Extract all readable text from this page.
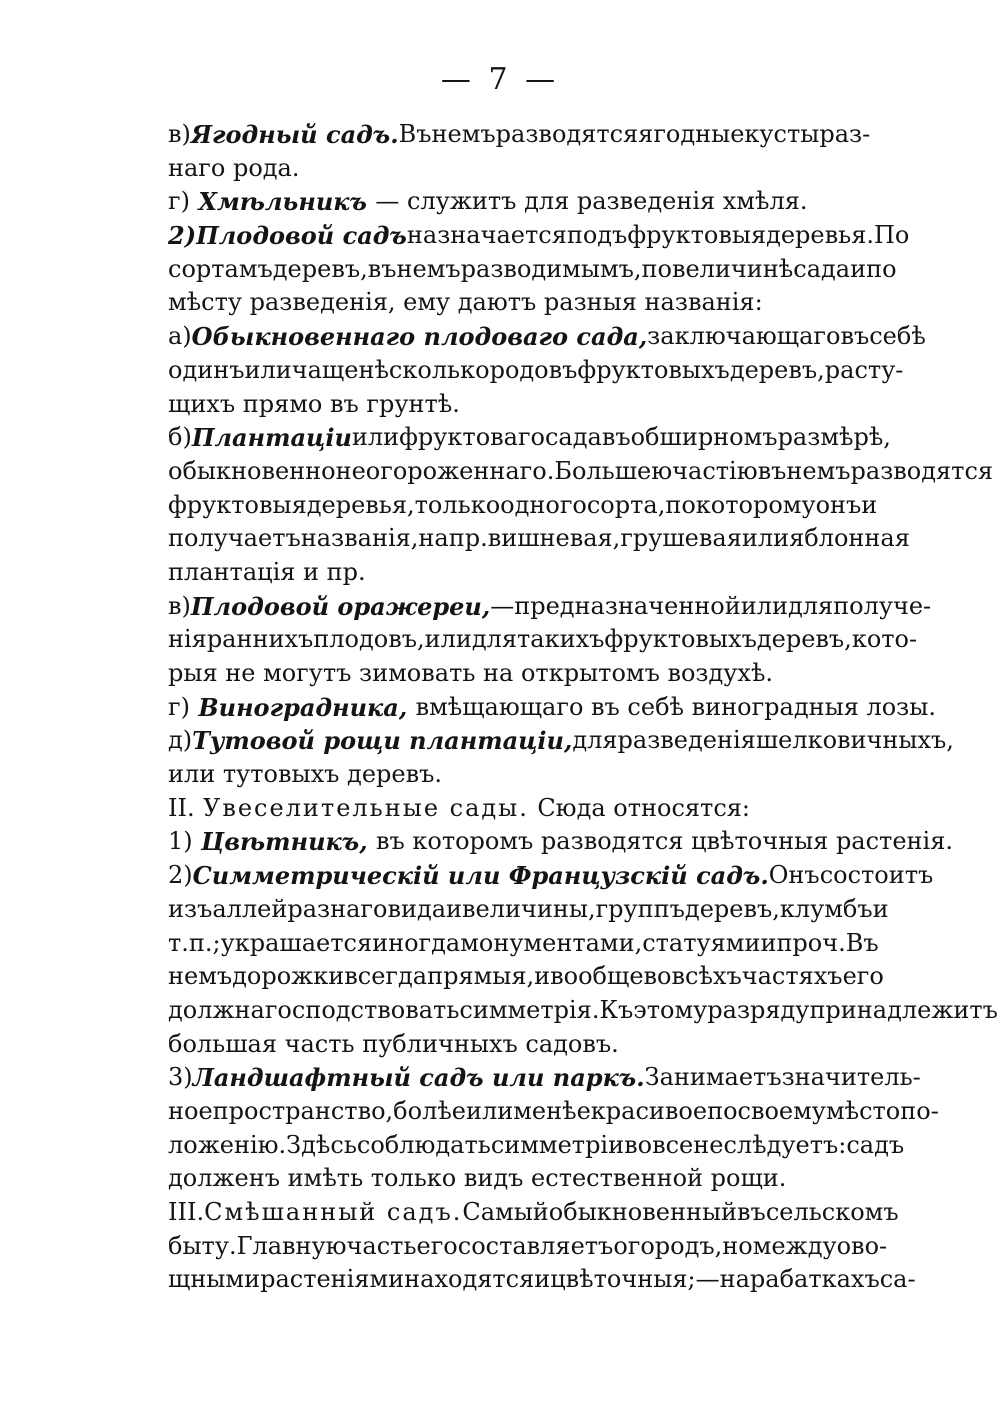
— 7 —
в) Ягодный садъ. Въ немъ разводятся ягодные кусты раз-
наго рода.
г) Хмѣльникъ — служитъ для разведенія хмѣля.
2) Плодовой садъ назначается подъ фруктовыя деревья. По
сортамъ деревъ, въ немъ разводимымъ, по величинѣ сада и по
мѣсту разведенія, ему даютъ разныя названія:
а) Обыкновеннаго плодоваго сада, заключающаго въ себѣ
одинъ или чаще нѣсколько родовъ фруктовыхъ деревъ, расту-
щихъ прямо въ грунтѣ.
б) Плантаціи или фруктоваго сада въ обширномъ размѣрѣ,
обыкновенно неогороженнаго. Большею частію въ немъ разводятся
фруктовыя деревья, только одного сорта, по которому онъ и
получаетъ названія, напр. вишневая, грушевая или яблонная
плантація и пр.
в) Плодовой оражереи, — предназначенной или для получе-
нія раннихъ плодовъ, или для такихъ фруктовыхъ деревъ, кото-
рыя не могутъ зимовать на открытомъ воздухѣ.
г) Виноградника, вмѣщающаго въ себѣ виноградныя лозы.
д) Тутовой рощи плантаціи, для разведенія шелковичныхъ,
или тутовыхъ деревъ.
II. Увеселительные сады. Сюда относятся:
1) Цвѣтникъ, въ которомъ разводятся цвѣточныя растенія.
2) Симметрическій или Французскій садъ. Онъ состоитъ
изъ аллей разнаго вида и величины, группъ деревъ, клумбъ и
т. п.; украшается иногда монументами, статуями и проч. Въ
немъ дорожки всегда прямыя, и вообще во всѣхъ частяхъ его
должна господствовать симметрія. Къ этому разряду принадлежитъ
большая часть публичныхъ садовъ.
3) Ландшафтный садъ или паркъ. Занимаетъ значитель-
ное пространство, болѣе или менѣе красивое по своему мѣстопо-
ложенію. Здѣсь соблюдать симметріи вовсе не слѣдуетъ: садъ
долженъ имѣть только видъ естественной рощи.
III. Смѣшанный садъ. Самый обыкновенный въ сельскомъ
быту. Главную часть его составляетъ огородъ, но между ово-
щными растеніями находятся и цвѣточныя; — на рабаткахъ са-
